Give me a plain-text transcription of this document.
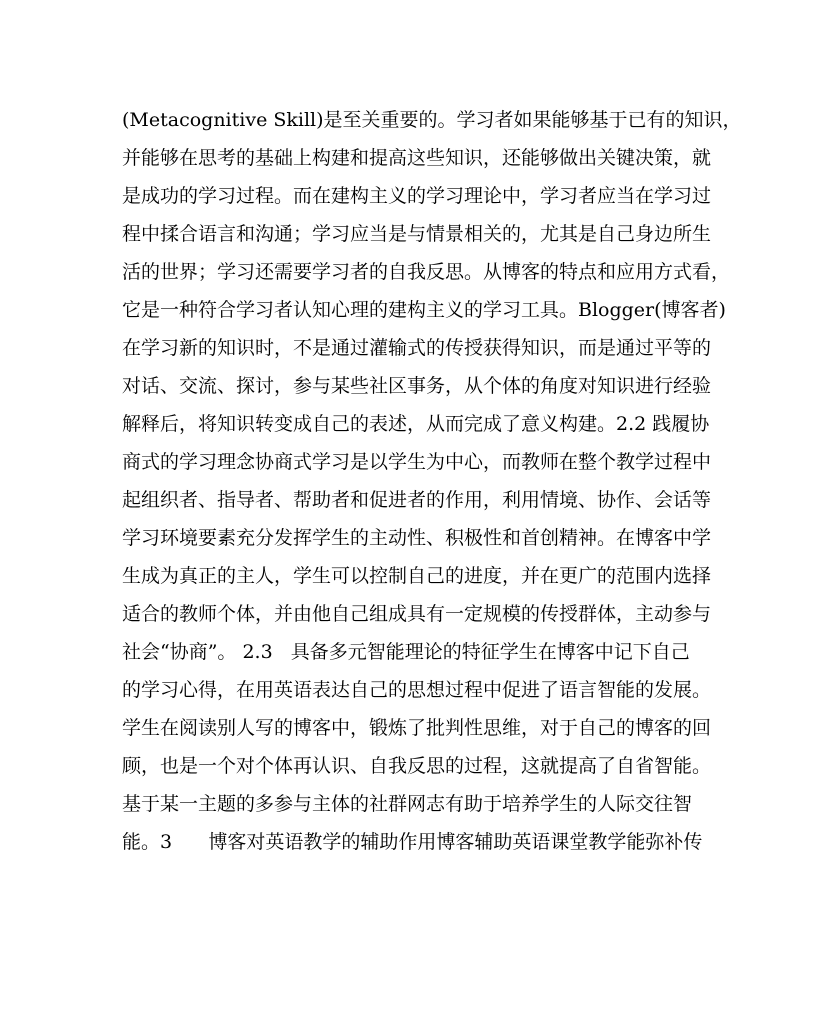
(Metacognitive Skill)是至关重要的。学习者如果能够基于已有的知识，
并能够在思考的基础上构建和提高这些知识，还能够做出关键决策，就
是成功的学习过程。而在建构主义的学习理论中，学习者应当在学习过
程中揉合语言和沟通；学习应当是与情景相关的，尤其是自己身边所生
活的世界；学习还需要学习者的自我反思。从博客的特点和应用方式看，
它是一种符合学习者认知心理的建构主义的学习工具。Blogger(博客者)
在学习新的知识时，不是通过灌输式的传授获得知识，而是通过平等的
对话、交流、探讨，参与某些社区事务，从个体的角度对知识进行经验
解释后，将知识转变成自己的表述，从而完成了意义构建。2.2 践履协
商式的学习理念协商式学习是以学生为中心，而教师在整个教学过程中
起组织者、指导者、帮助者和促进者的作用，利用情境、协作、会话等
学习环境要素充分发挥学生的主动性、积极性和首创精神。在博客中学
生成为真正的主人，学生可以控制自己的进度，并在更广的范围内选择
适合的教师个体，并由他自己组成具有一定规模的传授群体，主动参与
社会“协商”。 2.3   具备多元智能理论的特征学生在博客中记下自己
的学习心得，在用英语表达自己的思想过程中促进了语言智能的发展。
学生在阅读别人写的博客中，锻炼了批判性思维，对于自己的博客的回
顾，也是一个对个体再认识、自我反思的过程，这就提高了自省智能。
基于某一主题的多参与主体的社群网志有助于培养学生的人际交往智
能。3      博客对英语教学的辅助作用博客辅助英语课堂教学能弥补传
